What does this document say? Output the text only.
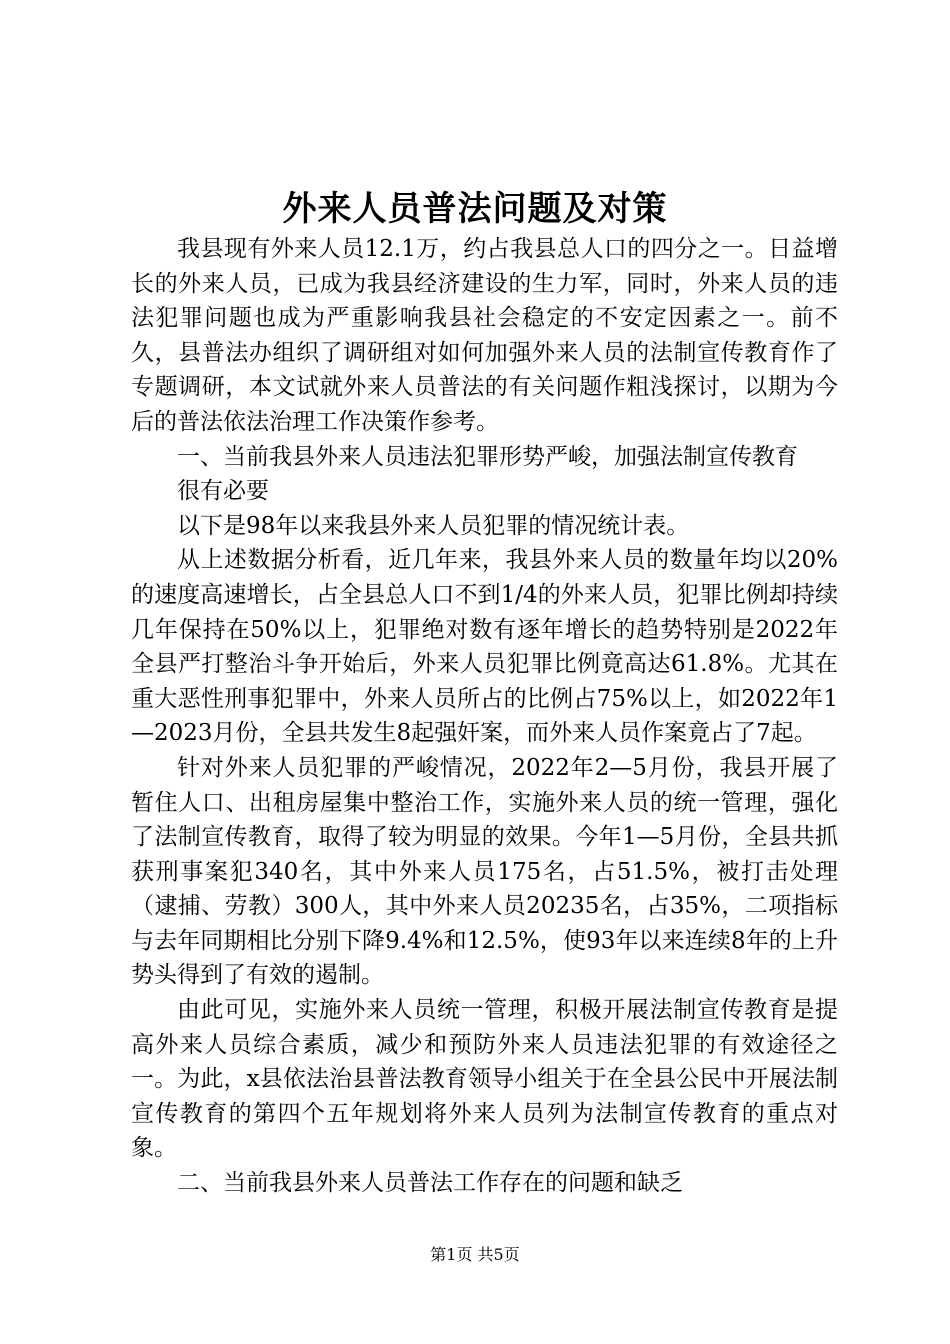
外来人员普法问题及对策

我县现有外来人员12.1万，约占我县总人口的四分之一。日益增长的外来人员，已成为我县经济建设的生力军，同时，外来人员的违法犯罪问题也成为严重影响我县社会稳定的不安定因素之一。前不久，县普法办组织了调研组对如何加强外来人员的法制宣传教育作了专题调研，本文试就外来人员普法的有关问题作粗浅探讨，以期为今后的普法依法治理工作决策作参考。

一、当前我县外来人员违法犯罪形势严峻，加强法制宣传教育

很有必要

以下是98年以来我县外来人员犯罪的情况统计表。

从上述数据分析看，近几年来，我县外来人员的数量年均以20%的速度高速增长，占全县总人口不到1/4的外来人员，犯罪比例却持续几年保持在50%以上，犯罪绝对数有逐年增长的趋势特别是2022年全县严打整治斗争开始后，外来人员犯罪比例竟高达61.8%。尤其在重大恶性刑事犯罪中，外来人员所占的比例占75%以上，如2022年1—2023月份，全县共发生8起强奸案，而外来人员作案竟占了7起。

针对外来人员犯罪的严峻情况，2022年2—5月份，我县开展了暂住人口、出租房屋集中整治工作，实施外来人员的统一管理，强化了法制宣传教育，取得了较为明显的效果。今年1—5月份，全县共抓获刑事案犯340名，其中外来人员175名，占51.5%，被打击处理（逮捕、劳教）300人，其中外来人员20235名，占35%，二项指标与去年同期相比分别下降9.4%和12.5%，使93年以来连续8年的上升势头得到了有效的遏制。

由此可见，实施外来人员统一管理，积极开展法制宣传教育是提高外来人员综合素质，减少和预防外来人员违法犯罪的有效途径之一。为此，x县依法治县普法教育领导小组关于在全县公民中开展法制宣传教育的第四个五年规划将外来人员列为法制宣传教育的重点对象。

二、当前我县外来人员普法工作存在的问题和缺乏

第1页 共5页
